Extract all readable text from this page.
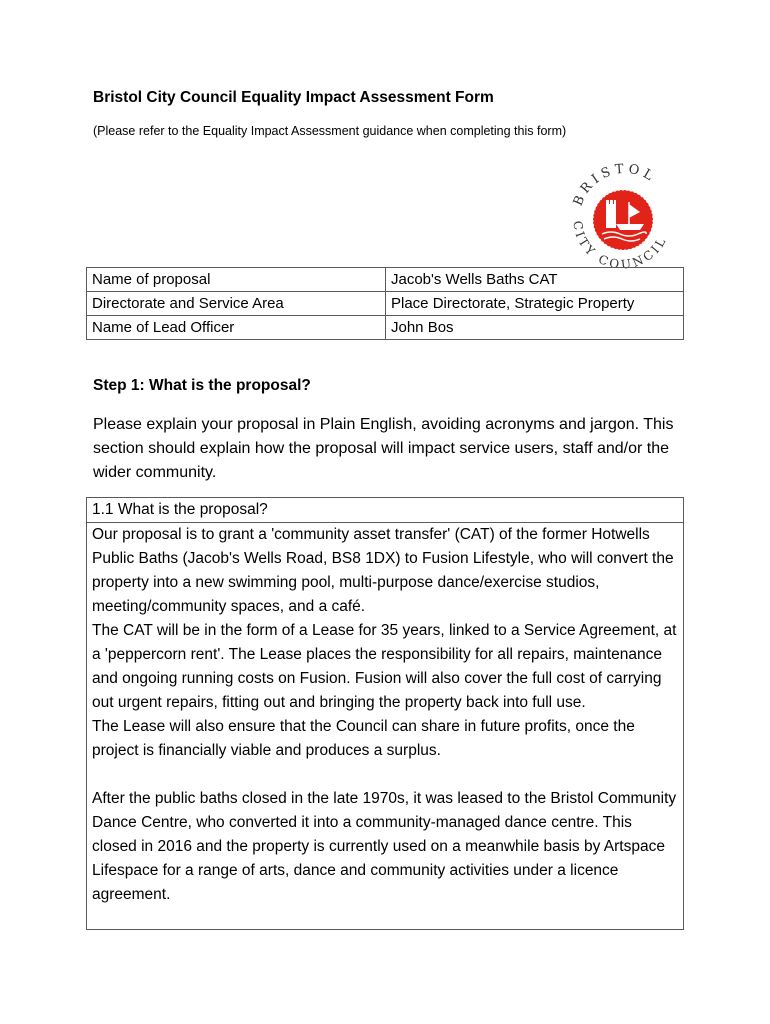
Bristol City Council Equality Impact Assessment Form
(Please refer to the Equality Impact Assessment guidance when completing this form)
BRISTOL
CITY COUNCIL
Name of proposal	Jacob's Wells Baths CAT
Directorate and Service Area	Place Directorate, Strategic Property
Name of Lead Officer	John Bos
Step 1: What is the proposal?
Please explain your proposal in Plain English, avoiding acronyms and jargon. This section should explain how the proposal will impact service users, staff and/or the wider community.
1.1 What is the proposal?

Our proposal is to grant a 'community asset transfer' (CAT) of the former Hotwells Public Baths (Jacob's Wells Road, BS8 1DX) to Fusion Lifestyle, who will convert the property into a new swimming pool, multi-purpose dance/exercise studios, meeting/community spaces, and a café.

The CAT will be in the form of a Lease for 35 years, linked to a Service Agreement, at a 'peppercorn rent'. The Lease places the responsibility for all repairs, maintenance and ongoing running costs on Fusion. Fusion will also cover the full cost of carrying out urgent repairs, fitting out and bringing the property back into full use.

The Lease will also ensure that the Council can share in future profits, once the project is financially viable and produces a surplus.

After the public baths closed in the late 1970s, it was leased to the Bristol Community Dance Centre, who converted it into a community-managed dance centre. This closed in 2016 and the property is currently used on a meanwhile basis by Artspace Lifespace for a range of arts, dance and community activities under a licence agreement.
